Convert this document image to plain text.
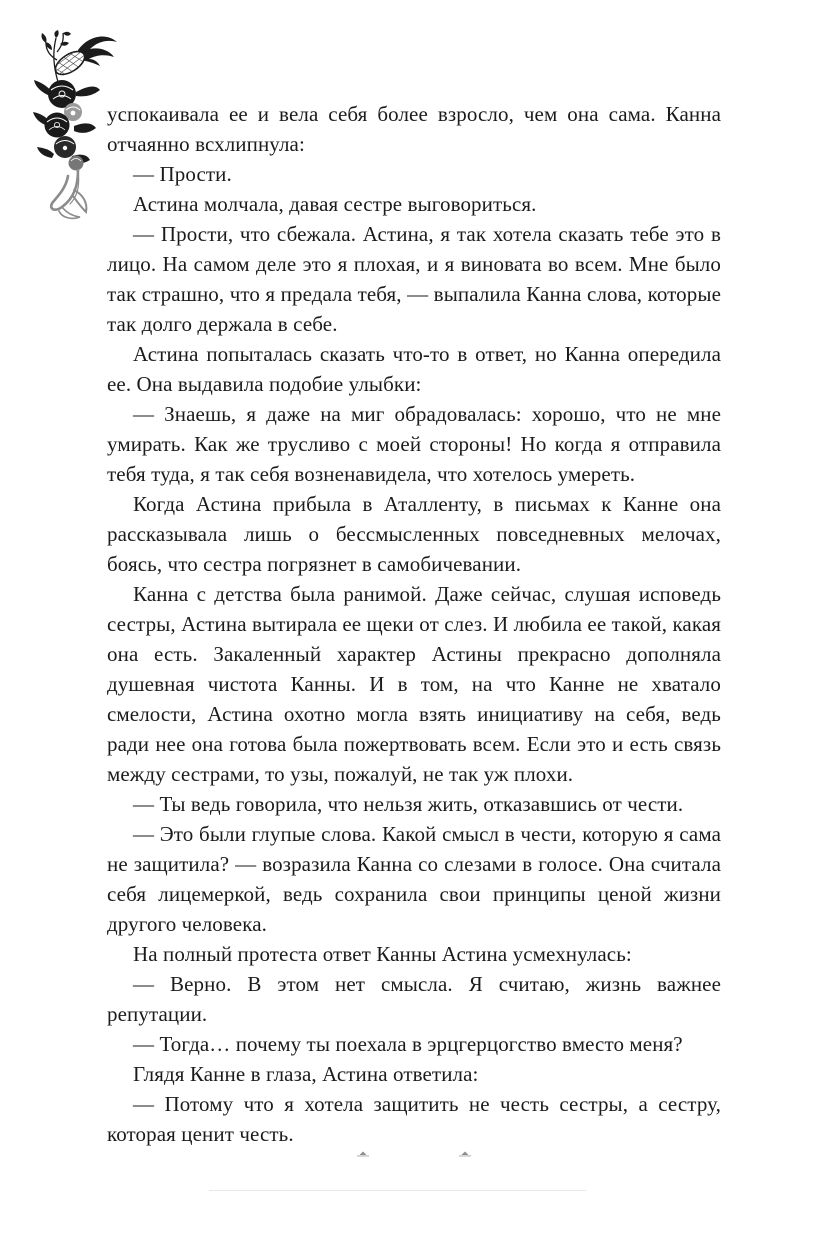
успокаивала ее и вела себя более взросло, чем она сама. Канна отчаянно всхлипнула:

— Прости.

Астина молчала, давая сестре выговориться.

— Прости, что сбежала. Астина, я так хотела сказать тебе это в лицо. На самом деле это я плохая, и я виновата во всем. Мне было так страшно, что я предала тебя, — выпалила Канна слова, которые так долго держала в себе.

Астина попыталась сказать что-то в ответ, но Канна опередила ее. Она выдавила подобие улыбки:

— Знаешь, я даже на миг обрадовалась: хорошо, что не мне умирать. Как же трусливо с моей стороны! Но когда я отправила тебя туда, я так себя возненавидела, что хотелось умереть.

Когда Астина прибыла в Аталленту, в письмах к Канне она рассказывала лишь о бессмысленных повседневных мелочах, боясь, что сестра погрязнет в самобичевании.

Канна с детства была ранимой. Даже сейчас, слушая исповедь сестры, Астина вытирала ее щеки от слез. И любила ее такой, какая она есть. Закаленный характер Астины прекрасно дополняла душевная чистота Канны. И в том, на что Канне не хватало смелости, Астина охотно могла взять инициативу на себя, ведь ради нее она готова была пожертвовать всем. Если это и есть связь между сестрами, то узы, пожалуй, не так уж плохи.

— Ты ведь говорила, что нельзя жить, отказавшись от чести.

— Это были глупые слова. Какой смысл в чести, которую я сама не защитила? — возразила Канна со слезами в голосе. Она считала себя лицемеркой, ведь сохранила свои принципы ценой жизни другого человека.

На полный протеста ответ Канны Астина усмехнулась:

— Верно. В этом нет смысла. Я считаю, жизнь важнее репутации.

— Тогда… почему ты поехала в эрцгерцогство вместо меня?

Глядя Канне в глаза, Астина ответила:

— Потому что я хотела защитить не честь сестры, а сестру, которая ценит честь.
